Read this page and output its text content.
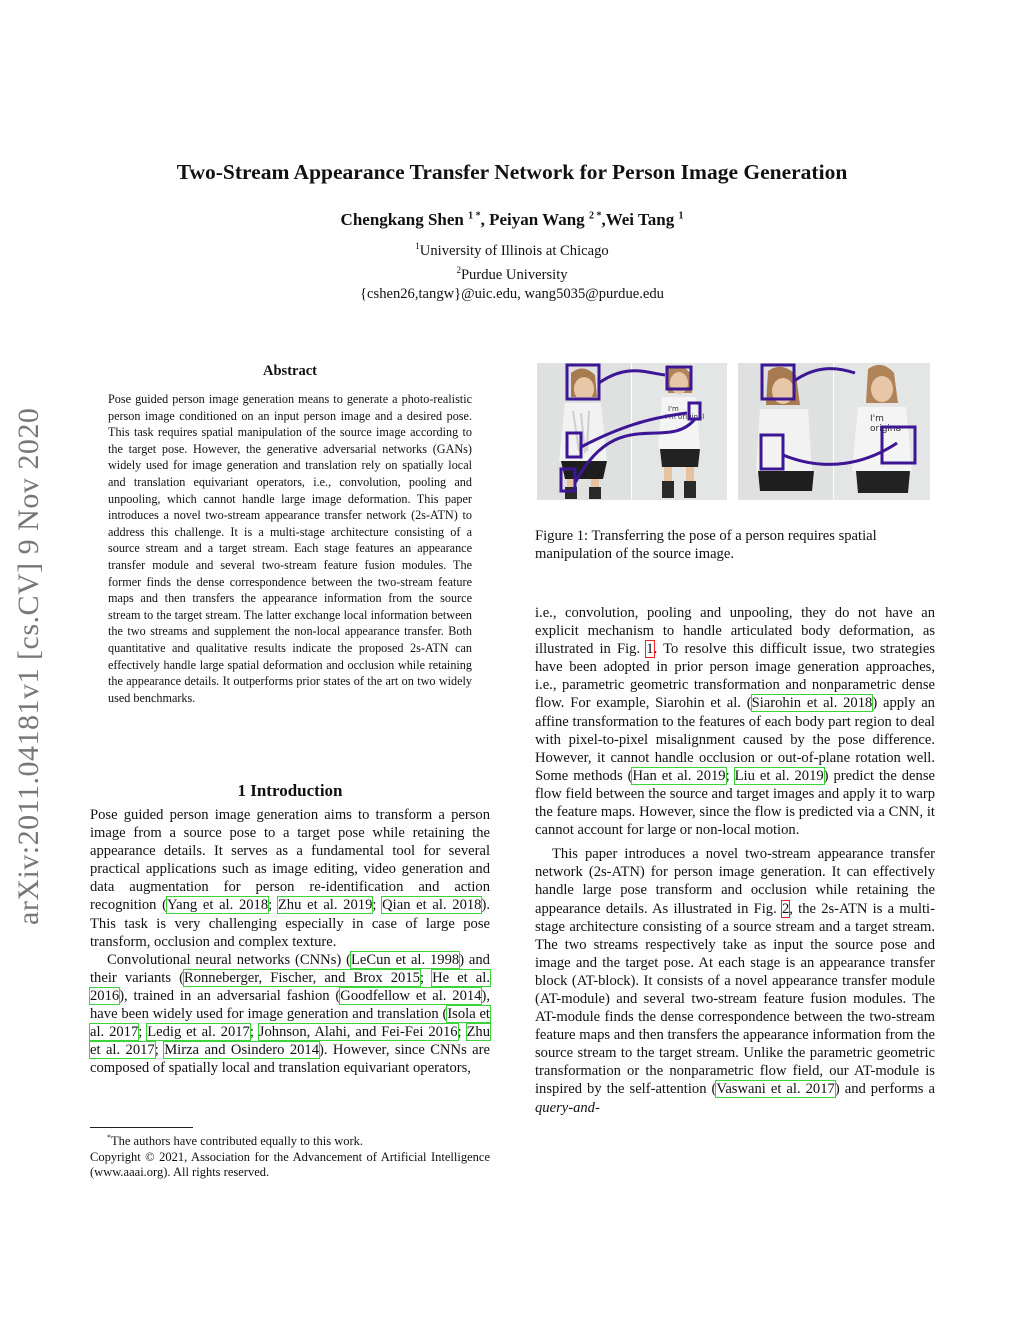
arXiv:2011.04181v1 [cs.CV] 9 Nov 2020
Two-Stream Appearance Transfer Network for Person Image Generation
Chengkang Shen $^{1 *}$, Peiyan Wang $^{2 *}$,Wei Tang $^1$
$^1$University of Illinois at Chicago
$^2$Purdue University
{cshen26,tangw}@uic.edu, wang5035@purdue.edu
Abstract
Pose guided person image generation means to generate a photo-realistic person image conditioned on an input person image and a desired pose. This task requires spatial manipulation of the source image according to the target pose. However, the generative adversarial networks (GANs) widely used for image generation and translation rely on spatially local and translation equivariant operators, i.e., convolution, pooling and unpooling, which cannot handle large image deformation. This paper introduces a novel two-stream appearance transfer network (2s-ATN) to address this challenge. It is a multi-stage architecture consisting of a source stream and a target stream. Each stage features an appearance transfer module and several two-stream feature fusion modules. The former finds the dense correspondence between the two-stream feature maps and then transfers the appearance information from the source stream to the target stream. The latter exchange local information between the two streams and supplement the non-local appearance transfer. Both quantitative and qualitative results indicate the proposed 2s-ATN can effectively handle large spatial deformation and occlusion while retaining the appearance details. It outperforms prior states of the art on two widely used benchmarks.
1 Introduction

Pose guided person image generation aims to transform a person image from a source pose to a target pose while retaining the appearance details. It serves as a fundamental tool for several practical applications such as image editing, video generation and data augmentation for person re-identification and action recognition (Yang et al. 2018; Zhu et al. 2019; Qian et al. 2018). This task is very challenging especially in case of large pose transform, occlusion and complex texture.

Convolutional neural networks (CNNs) (LeCun et al. 1998) and their variants (Ronneberger, Fischer, and Brox 2015; He et al. 2016), trained in an adversarial fashion (Goodfellow et al. 2014), have been widely used for image generation and translation (Isola et al. 2017; Ledig et al. 2017; Johnson, Alahi, and Fei-Fei 2016; Zhu et al. 2017; Mirza and Osindero 2014). However, since CNNs are composed of spatially local and translation equivariant operators,

*The authors have contributed equally to this work.
Copyright © 2021, Association for the Advancement of Artificial Intelligence (www.aaai.org). All rights reserved.
I'm
I'm original	I'm
origina
Figure 1: Transferring the pose of a person requires spatial manipulation of the source image.

i.e., convolution, pooling and unpooling, they do not have an explicit mechanism to handle articulated body deformation, as illustrated in Fig. 1. To resolve this difficult issue, two strategies have been adopted in prior person image generation approaches, i.e., parametric geometric transformation and nonparametric dense flow. For example, Siarohin et al. (Siarohin et al. 2018) apply an affine transformation to the features of each body part region to deal with pixel-to-pixel misalignment caused by the pose difference. However, it cannot handle occlusion or out-of-plane rotation well. Some methods (Han et al. 2019; Liu et al. 2019) predict the dense flow field between the source and target images and apply it to warp the feature maps. However, since the flow is predicted via a CNN, it cannot account for large or non-local motion.

This paper introduces a novel two-stream appearance transfer network (2s-ATN) for person image generation. It can effectively handle large pose transform and occlusion while retaining the appearance details. As illustrated in Fig. 2, the 2s-ATN is a multi-stage architecture consisting of a source stream and a target stream. The two streams respectively take as input the source pose and image and the target pose. At each stage is an appearance transfer block (AT-block). It consists of a novel appearance transfer module (AT-module) and several two-stream feature fusion modules. The AT-module finds the dense correspondence between the two-stream feature maps and then transfers the appearance information from the source stream to the target stream. Unlike the parametric geometric transformation or the nonparametric flow field, our AT-module is inspired by the self-attention (Vaswani et al. 2017) and performs a query-and-
